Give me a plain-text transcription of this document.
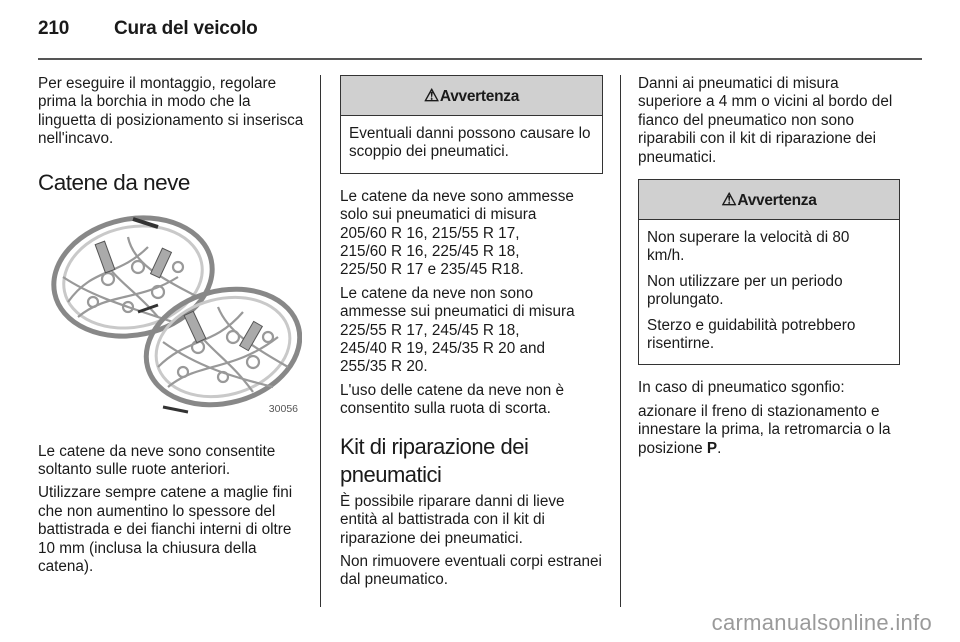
210 Cura del veicolo

Per eseguire il montaggio, regolare prima la borchia in modo che la linguetta di posizionamento si inserisca nell'incavo.

Catene da neve
30056

Le catene da neve sono consentite soltanto sulle ruote anteriori.

Utilizzare sempre catene a maglie fini che non aumentino lo spessore del battistrada e dei fianchi interni di oltre 10 mm (inclusa la chiusura della catena).

⚠Avvertenza

Eventuali danni possono causare lo scoppio dei pneumatici.

Le catene da neve sono ammesse solo sui pneumatici di misura
205/60 R 16, 215/55 R 17,
215/60 R 16, 225/45 R 18,
225/50 R 17 e 235/45 R18.

Le catene da neve non sono ammesse sui pneumatici di misura
225/55 R 17, 245/45 R 18,
245/40 R 19, 245/35 R 20 and
255/35 R 20.

L'uso delle catene da neve non è consentito sulla ruota di scorta.

Kit di riparazione dei pneumatici

È possibile riparare danni di lieve entità al battistrada con il kit di riparazione dei pneumatici.

Non rimuovere eventuali corpi estranei dal pneumatico.

Danni ai pneumatici di misura superiore a 4 mm o vicini al bordo del fianco del pneumatico non sono riparabili con il kit di riparazione dei pneumatici.

⚠Avvertenza

Non superare la velocità di 80 km/h.

Non utilizzare per un periodo prolungato.

Sterzo e guidabilità potrebbero risentirne.

In caso di pneumatico sgonfio:

azionare il freno di stazionamento e innestare la prima, la retromarcia o la posizione P.

carmanualsonline.info
